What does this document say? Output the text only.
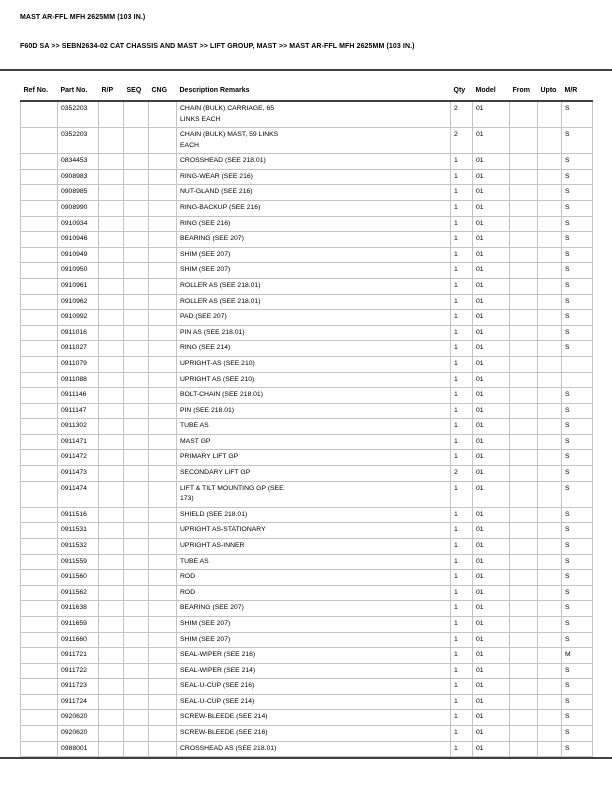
MAST AR-FFL MFH 2625MM (103 IN.)
F60D SA >> SEBN2634-02 CAT CHASSIS AND MAST >> LIFT GROUP, MAST >> MAST AR-FFL MFH 2625MM (103 IN.)
Ref No.	Part No.	R/P	SEQ	CNG	Description Remarks	Qty	Model	From	Upto	M/R
	0352203				CHAIN (BULK) CARRIAGE, 65 LINKS EACH	2	01			S
	0352203				CHAIN (BULK) MAST, 59 LINKS EACH	2	01			S
	0834453				CROSSHEAD (SEE 218.01)	1	01			S
	0908983				RING-WEAR (SEE 216)	1	01			S
	0908985				NUT-GLAND (SEE 216)	1	01			S
	0908990				RING-BACKUP (SEE 216)	1	01			S
	0910934				RING (SEE 216)	1	01			S
	0910946				BEARING (SEE 207)	1	01			S
	0910949				SHIM (SEE 207)	1	01			S
	0910950				SHIM (SEE 207)	1	01			S
	0910961				ROLLER AS (SEE 218.01)	1	01			S
	0910962				ROLLER AS (SEE 218.01)	1	01			S
	0910992				PAD (SEE 207)	1	01			S
	0911016				PIN AS (SEE 218.01)	1	01			S
	0911027				RING (SEE 214)	1	01			S
	0911079				UPRIGHT-AS (SEE 210)	1	01			
	0911088				UPRIGHT AS (SEE 210)	1	01			
	0911146				BOLT-CHAIN (SEE 218.01)	1	01			S
	0911147				PIN (SEE 218.01)	1	01			S
	0911302				TUBE AS	1	01			S
	0911471				MAST GP	1	01			S
	0911472				PRIMARY LIFT GP	1	01			S
	0911473				SECONDARY LIFT GP	2	01			S
	0911474				LIFT & TILT MOUNTING GP (SEE 173)	1	01			S
	0911516				SHIELD (SEE 218.01)	1	01			S
	0911531				UPRIGHT AS-STATIONARY	1	01			S
	0911532				UPRIGHT AS-INNER	1	01			S
	0911559				TUBE AS	1	01			S
	0911560				ROD	1	01			S
	0911562				ROD	1	01			S
	0911638				BEARING (SEE 207)	1	01			S
	0911659				SHIM (SEE 207)	1	01			S
	0911660				SHIM (SEE 207)	1	01			S
	0911721				SEAL-WIPER (SEE 216)	1	01			M
	0911722				SEAL-WIPER (SEE 214)	1	01			S
	0911723				SEAL-U-CUP (SEE 216)	1	01			S
	0911724				SEAL-U-CUP (SEE 214)	1	01			S
	0920620				SCREW-BLEEDE (SEE 214)	1	01			S
	0920620				SCREW-BLEEDE (SEE 216)	1	01			S
	0988001				CROSSHEAD AS (SEE 218.01)	1	01			S
